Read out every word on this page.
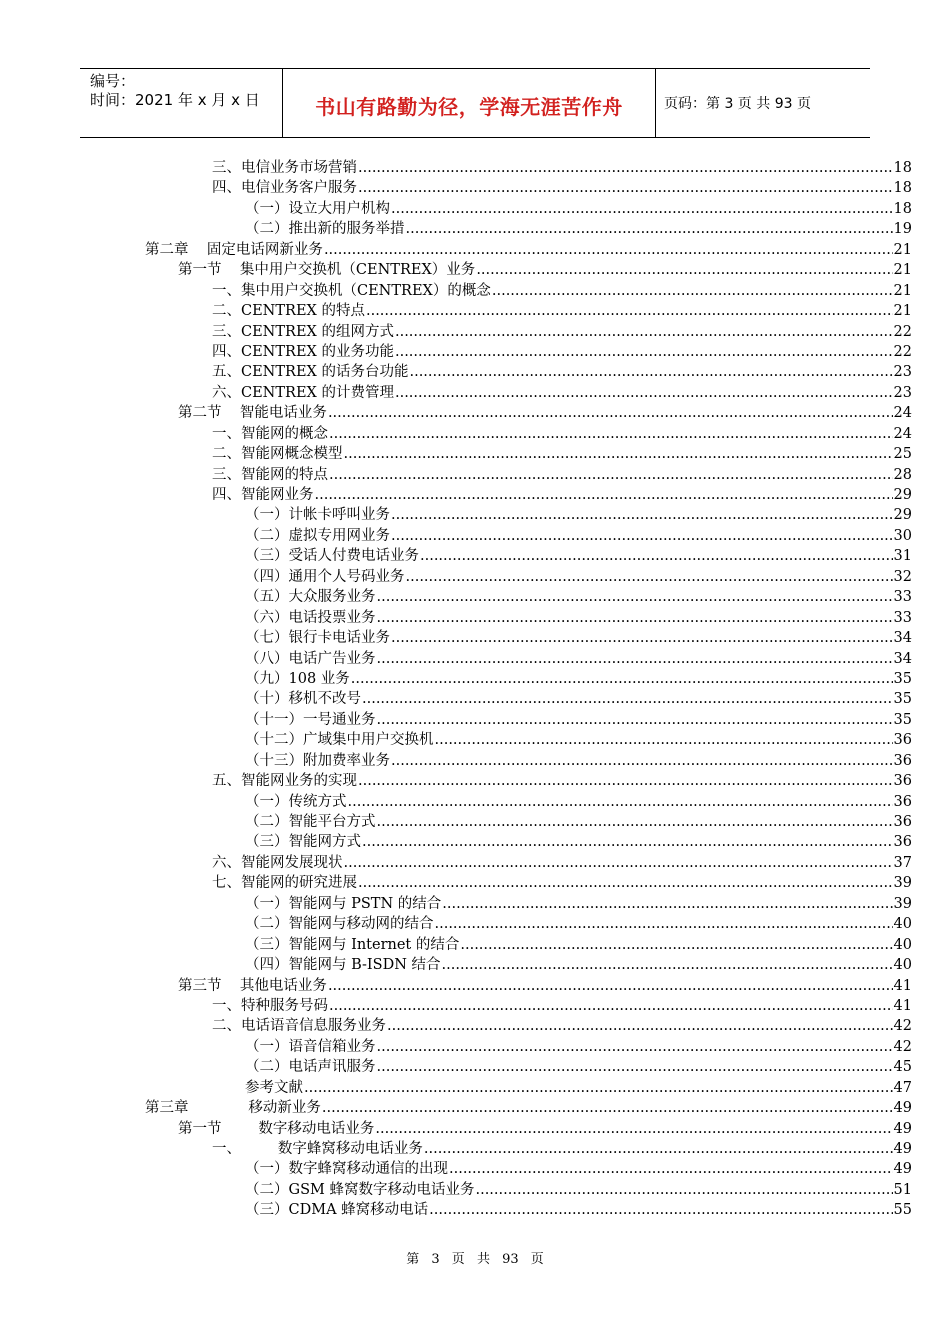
编号：
时间：2021 年 x 月 x 日	书山有路勤为径，学海无涯苦作舟	页码：第 3 页 共 93 页
三、电信业务市场营销 .....	18
四、电信业务客户服务 .....	18
（一）设立大用户机构 .....	18
（二）推出新的服务举措 .....	19
第二章    固定电话网新业务 .....	21
第一节    集中用户交换机（CENTREX）业务 .....	21
一、集中用户交换机（CENTREX）的概念 .....	21
二、CENTREX 的特点 .....	21
三、CENTREX 的组网方式 .....	22
四、CENTREX 的业务功能 .....	22
五、CENTREX 的话务台功能 .....	23
六、CENTREX 的计费管理 .....	23
第二节    智能电话业务 .....	24
一、智能网的概念 .....	24
二、智能网概念模型 .....	25
三、智能网的特点 .....	28
四、智能网业务 .....	29
（一）计帐卡呼叫业务 .....	29
（二）虚拟专用网业务 .....	30
（三）受话人付费电话业务 .....	31
（四）通用个人号码业务 .....	32
（五）大众服务业务 .....	33
（六）电话投票业务 .....	33
（七）银行卡电话业务 .....	34
（八）电话广告业务 .....	34
（九）108 业务 .....	35
（十）移机不改号 .....	35
（十一）一号通业务 .....	35
（十二）广域集中用户交换机 .....	36
（十三）附加费率业务 .....	36
五、智能网业务的实现 .....	36
（一）传统方式 .....	36
（二）智能平台方式 .....	36
（三）智能网方式 .....	36
六、智能网发展现状 .....	37
七、智能网的研究进展 .....	39
（一）智能网与 PSTN 的结合 .....	39
（二）智能网与移动网的结合 .....	40
（三）智能网与 Internet 的结合 .....	40
（四）智能网与 B-ISDN 结合 .....	40
第三节    其他电话业务 .....	41
一、特种服务号码 .....	41
二、电话语音信息服务业务 .....	42
（一）语音信箱业务 .....	42
（二）电话声讯服务 .....	45
参考文献 .....	47
第三章             移动新业务 .....	49
第一节        数字移动电话业务 .....	49
一、        数字蜂窝移动电话业务 .....	49
（一）数字蜂窝移动通信的出现 .....	49
（二）GSM 蜂窝数字移动电话业务 .....	51
（三）CDMA 蜂窝移动电话 .....	55
第 3 页 共 93 页
